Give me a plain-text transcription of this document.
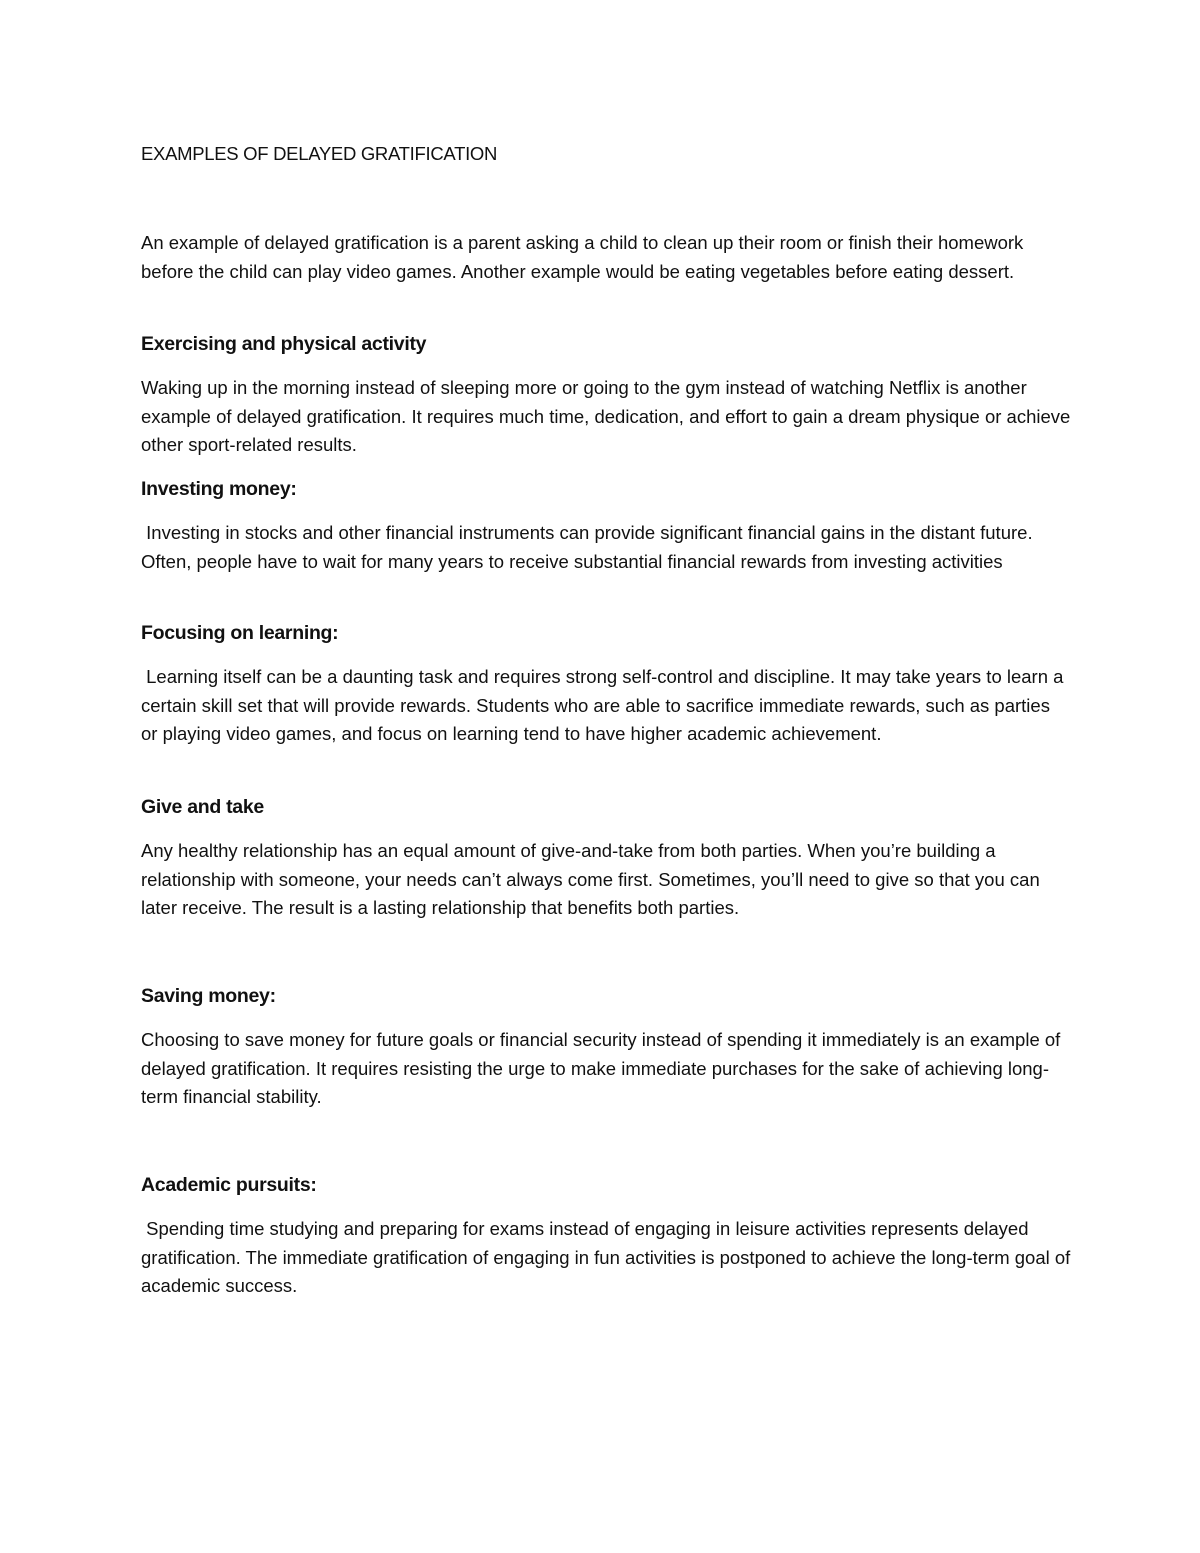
EXAMPLES OF DELAYED GRATIFICATION

An example of delayed gratification is a parent asking a child to clean up their room or finish their homework before the child can play video games. Another example would be eating vegetables before eating dessert.

Exercising and physical activity

Waking up in the morning instead of sleeping more or going to the gym instead of watching Netflix is another example of delayed gratification. It requires much time, dedication, and effort to gain a dream physique or achieve other sport-related results.

Investing money:

Investing in stocks and other financial instruments can provide significant financial gains in the distant future. Often, people have to wait for many years to receive substantial financial rewards from investing activities

Focusing on learning:

Learning itself can be a daunting task and requires strong self-control and discipline. It may take years to learn a certain skill set that will provide rewards. Students who are able to sacrifice immediate rewards, such as parties or playing video games, and focus on learning tend to have higher academic achievement.

Give and take

Any healthy relationship has an equal amount of give-and-take from both parties. When you’re building a relationship with someone, your needs can’t always come first. Sometimes, you’ll need to give so that you can later receive. The result is a lasting relationship that benefits both parties.

Saving money:

Choosing to save money for future goals or financial security instead of spending it immediately is an example of delayed gratification. It requires resisting the urge to make immediate purchases for the sake of achieving long-term financial stability.

Academic pursuits:

Spending time studying and preparing for exams instead of engaging in leisure activities represents delayed gratification. The immediate gratification of engaging in fun activities is postponed to achieve the long-term goal of academic success.
